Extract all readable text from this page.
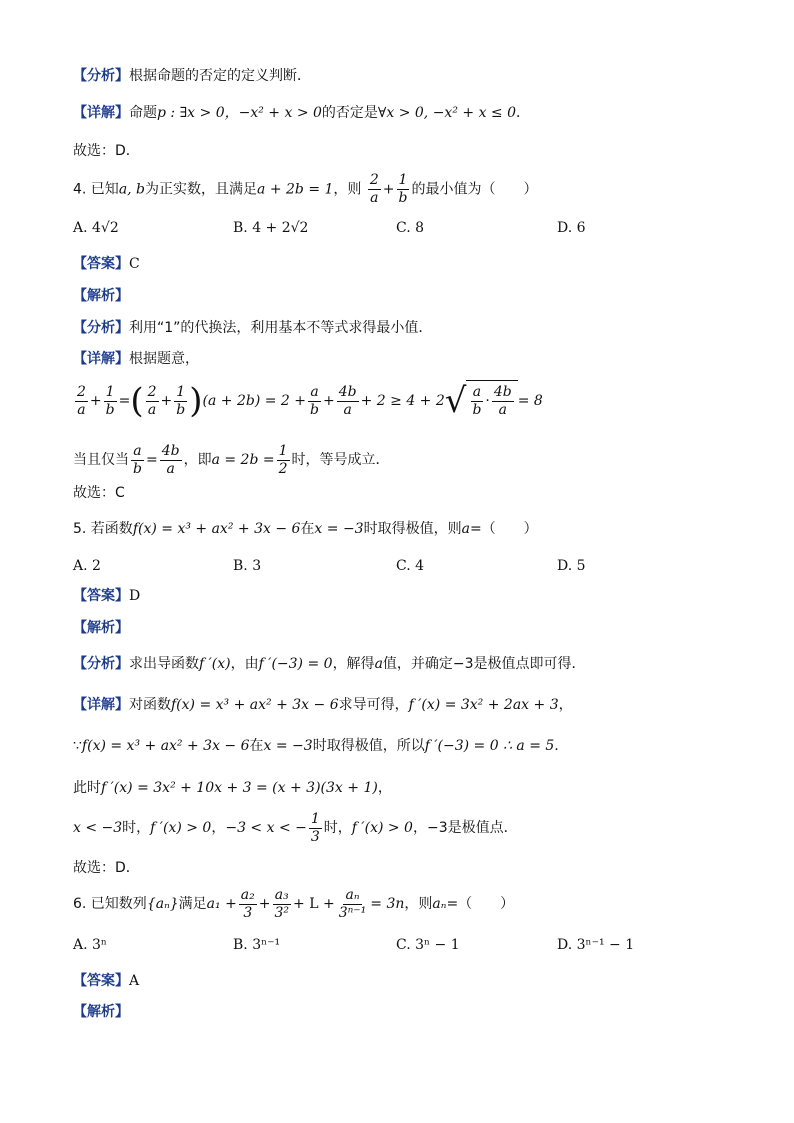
【分析】根据命题的否定的定义判断．
【详解】命题p : ∃x > 0，−x² + x > 0的否定是∀x > 0, −x² + x ≤ 0．
故选：D．
4. 已知a, b为正实数，且满足a + 2b = 1，则 $\frac{2}{a} + \frac{1}{b}$ 的最小值为（　　）
A. 4√2	B. 4 + 2√2	C. 8	D. 6
【答案】C
【解析】
【分析】利用“1”的代换法，利用基本不等式求得最小值．
【详解】根据题意，
$\frac{2}{a} + \frac{1}{b}$ =( $\frac{2}{a} + \frac{1}{b} )(a + 2b) = 2 + \frac{a}{b} + \frac{4b}{a} + 2 \ge 4 + 2√ \frac{a}{b} \cdot \frac{4b}{a} = 8$
当且仅当 $\frac{a}{b} = \frac{4b}{a}$ ，即$a = 2b = \frac{1}{2}$ 时，等号成立．
故选：C
5. 若函数f(x) = x³ + ax² + 3x − 6在x = −3时取得极值，则a=（　　）
A. 2	B. 3	C. 4	D. 5
【答案】D
【解析】
【分析】求出导函数f ′(x)，由f ′(−3) = 0，解得a值，并确定−3是极值点即可得．
【详解】对函数f(x) = x³ + ax² + 3x − 6求导可得，f ′(x) = 3x² + 2ax + 3，
∵f(x) = x³ + ax² + 3x − 6在x = −3时取得极值，所以f ′(−3) = 0 ∴ a = 5.
此时f ′(x) = 3x² + 10x + 3 = (x + 3)(3x + 1)，
x < −3时，f ′(x) > 0，−3 < x < − $\frac{1}{3}$ 时，f ′(x) > 0，−3是极值点．
故选：D．
6. 已知数列{aₙ}满足$a_1 + \frac{\text{a₂}}{3} + \frac{\text{a₃}}{\text{3²}} + L + \frac{\text{aₙ}}{\text{3ⁿ⁻¹}} = 3n$，则aₙ=（　　）
A. 3ⁿ	B. 3ⁿ⁻¹	C. 3ⁿ − 1	D. 3ⁿ⁻¹ − 1
【答案】A
【解析】
